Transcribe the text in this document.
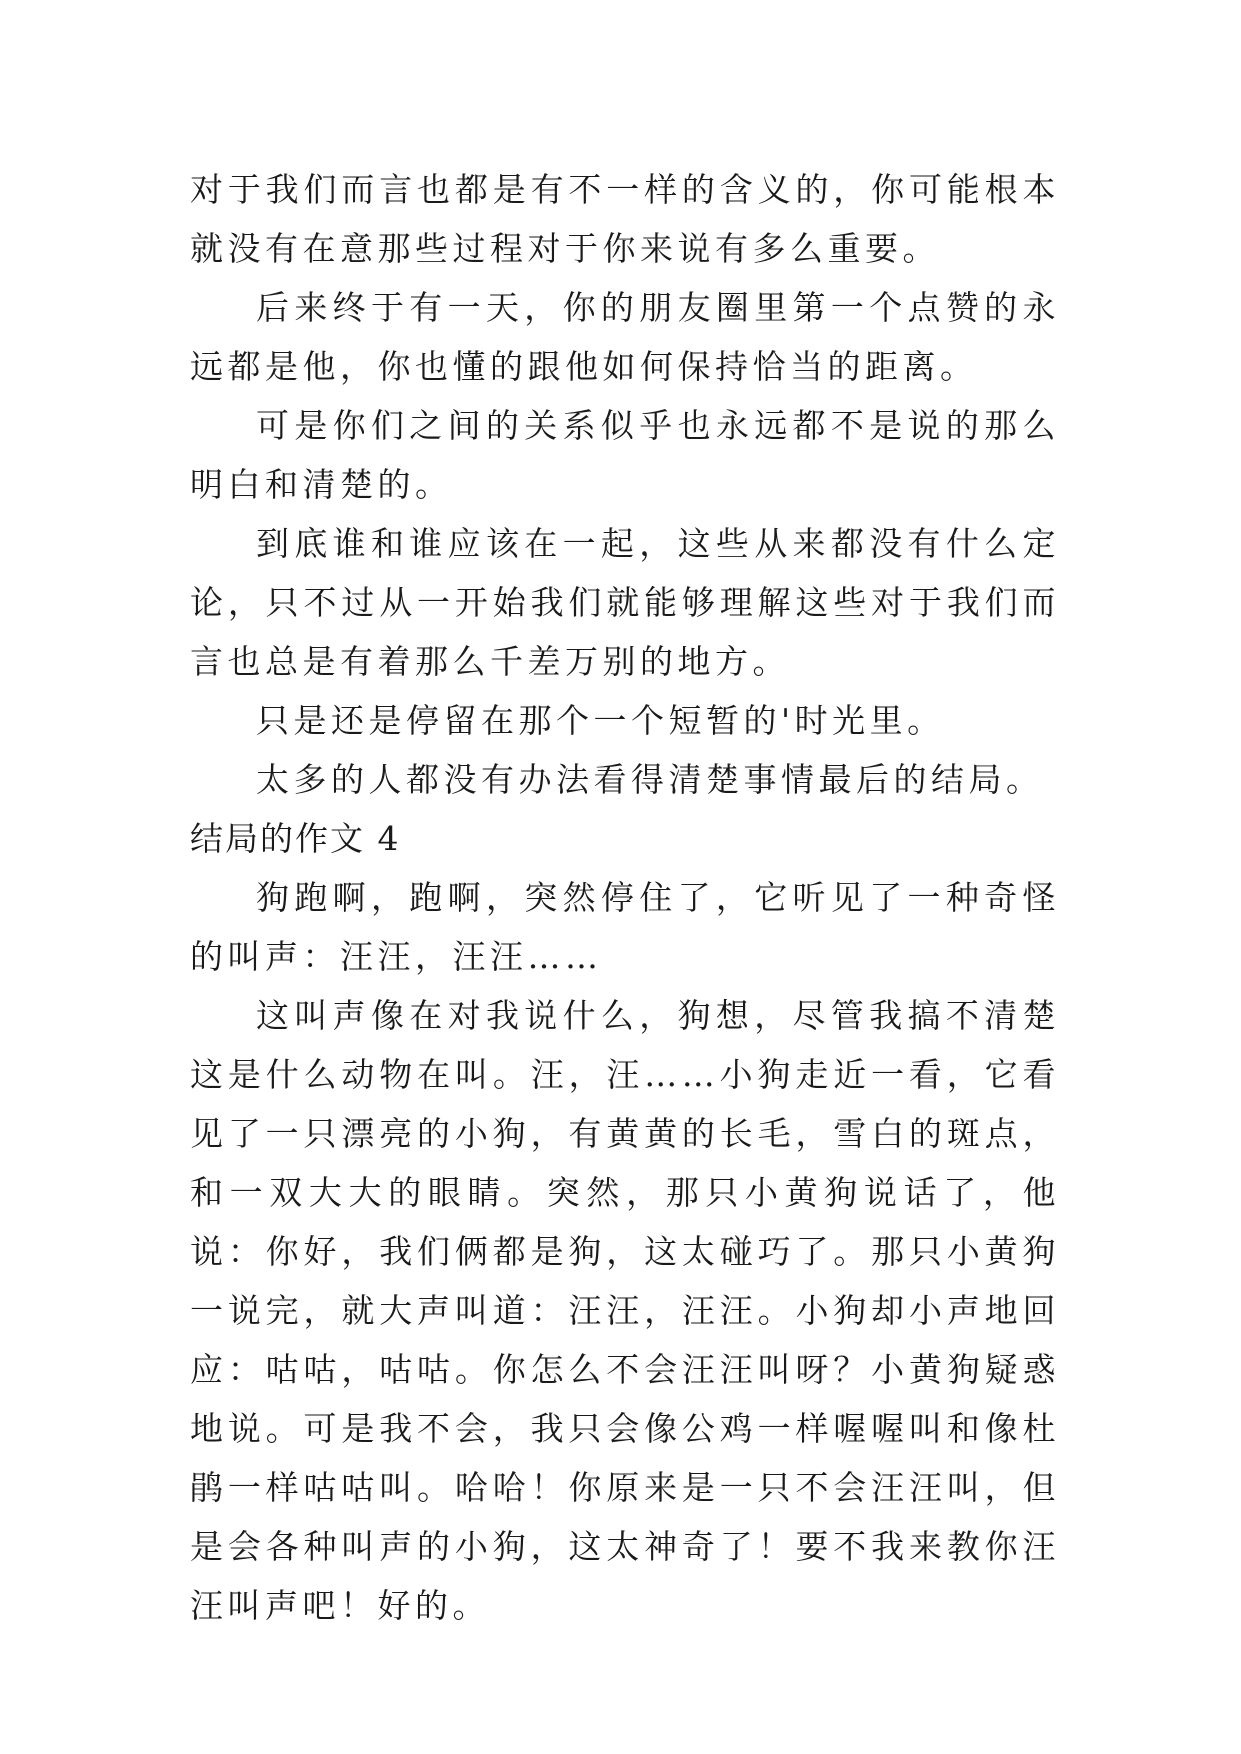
对于我们而言也都是有不一样的含义的，你可能根本就没有在意那些过程对于你来说有多么重要。

后来终于有一天，你的朋友圈里第一个点赞的永远都是他，你也懂的跟他如何保持恰当的距离。

可是你们之间的关系似乎也永远都不是说的那么明白和清楚的。

到底谁和谁应该在一起，这些从来都没有什么定论，只不过从一开始我们就能够理解这些对于我们而言也总是有着那么千差万别的地方。

只是还是停留在那个一个短暂的'时光里。

太多的人都没有办法看得清楚事情最后的结局。

结局的作文 4

狗跑啊，跑啊，突然停住了，它听见了一种奇怪的叫声：汪汪，汪汪……

这叫声像在对我说什么，狗想，尽管我搞不清楚这是什么动物在叫。汪，汪……小狗走近一看，它看见了一只漂亮的小狗，有黄黄的长毛，雪白的斑点，和一双大大的眼睛。突然，那只小黄狗说话了，他说：你好，我们俩都是狗，这太碰巧了。那只小黄狗一说完，就大声叫道：汪汪，汪汪。小狗却小声地回应：咕咕，咕咕。你怎么不会汪汪叫呀？小黄狗疑惑地说。可是我不会，我只会像公鸡一样喔喔叫和像杜鹃一样咕咕叫。哈哈！你原来是一只不会汪汪叫，但是会各种叫声的小狗，这太神奇了！要不我来教你汪汪叫声吧！好的。
